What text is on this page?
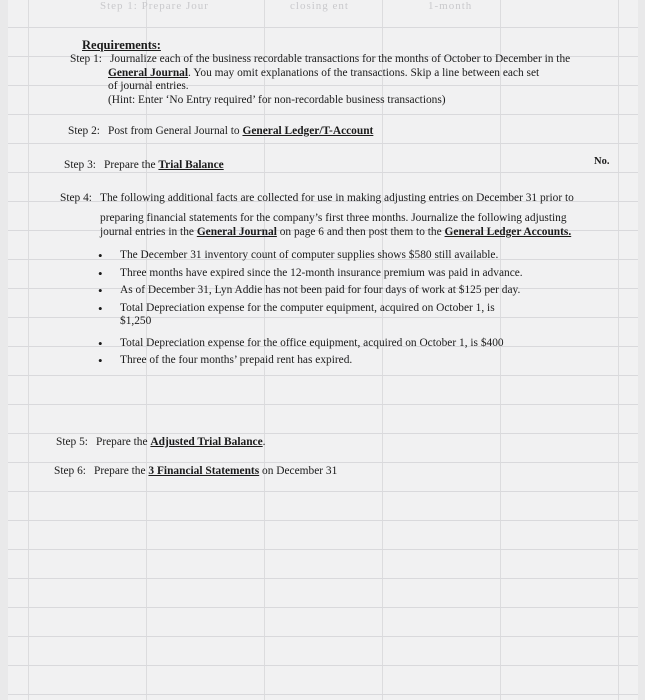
Step 1: Prepare Jour	closing ent	1-month
Requirements:
Step 1: Journalize each of the business recordable transactions for the months of October to December in the
General Journal. You may omit explanations of the transactions. Skip a line between each set
of journal entries.
(Hint: Enter ‘No Entry required’ for non-recordable business transactions)
Step 2: Post from General Journal to General Ledger/T-Account
Step 3: Prepare the Trial Balance	No.
Step 4: The following additional facts are collected for use in making adjusting entries on December 31 prior to
preparing financial statements for the company’s first three months. Journalize the following adjusting
journal entries in the General Journal on page 6 and then post them to the General Ledger Accounts.
• The December 31 inventory count of computer supplies shows $580 still available.
• Three months have expired since the 12-month insurance premium was paid in advance.
• As of December 31, Lyn Addie has not been paid for four days of work at $125 per day.
• Total Depreciation expense for the computer equipment, acquired on October 1, is
$1,250
• Total Depreciation expense for the office equipment, acquired on October 1, is $400
• Three of the four months’ prepaid rent has expired.
Step 5: Prepare the Adjusted Trial Balance.
Step 6: Prepare the 3 Financial Statements on December 31
